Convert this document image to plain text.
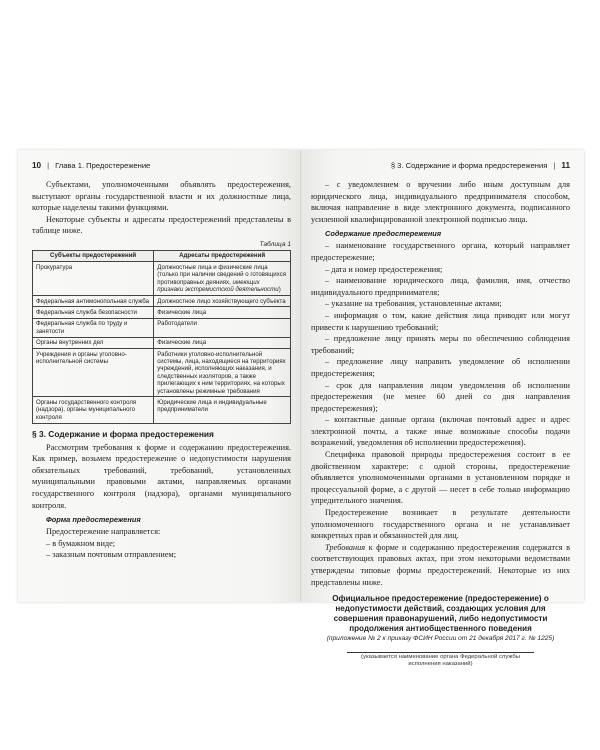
10 | Глава 1. Предостережение

Субъектами, уполномоченными объявлять предостережения, выступают органы государственной власти и их должностные лица, которые наделены такими функциями.

Некоторые субъекты и адресаты предостережений представлены в таблице ниже.

Таблица 1
Субъекты предостережений	Адресаты предостережений
Прокуратура	Должностные лица и физические лица (только при наличии сведений о готовящихся противоправных деяниях, имеющих признаки экстремистской деятельности)
Федеральная антимонопольная служба	Должностное лицо хозяйствующего субъекта
Федеральная служба безопасности	Физические лица
Федеральная служба по труду и занятости	Работодатели
Органы внутренних дел	Физические лица
Учреждения и органы уголовно-исполнительной системы	Работники уголовно-исполнительной системы, лица, находящиеся на территориях учреждений, исполняющих наказания, и следственных изоляторов, а также прилегающих к ним территориях, на которых установлены режимные требования
Органы государственного контроля (надзора), органы муниципального контроля	Юридические лица и индивидуальные предприниматели
§ 3. Содержание и форма предостережения

Рассмотрим требования к форме и содержанию предостережения. Как пример, возьмем предостережение о недопустимости нарушения обязательных требований, требований, установленных муниципальными правовыми актами, направляемых органами государственного контроля (надзора), органами муниципального контроля.

Форма предостережения

Предостережение направляется:

– в бумажном виде;

– заказным почтовым отправлением;

§ 3. Содержание и форма предостережения | 11

– с уведомлением о вручении либо иным доступным для юридического лица, индивидуального предпринимателя способом, включая направление в виде электронного документа, подписанного усиленной квалифицированной электронной подписью лица.

Содержание предостережения

– наименование государственного органа, который направляет предостережение;

– дата и номер предостережения;

– наименование юридического лица, фамилия, имя, отчество индивидуального предпринимателя;

– указание на требования, установленные актами;

– информация о том, какие действия лица приводят или могут привести к нарушению требований;

– предложение лицу принять меры по обеспечению соблюдения требований;

– предложение лицу направить уведомление об исполнении предостережения;

– срок для направления лицом уведомления об исполнении предостережения (не менее 60 дней со дня направления предостережения);

– контактные данные органа (включая почтовый адрес и адрес электронной почты, а также иные возможные способы подачи возражений, уведомления об исполнении предостережения).

Специфика правовой природы предостережения состоит в ее двойственном характере: с одной стороны, предостережение объявляется уполномоченными органами в установленном порядке и процессуальной форме, а с другой — несет в себе только информацию упредительного значения.

Предостережение возникает в результате деятельности уполномоченного государственного органа и не устанавливает конкретных прав и обязанностей для лиц.

Требования к форме и содержанию предостережения содержатся в соответствующих правовых актах, при этом некоторыми ведомствами утверждены типовые формы предостережений. Некоторые из них представлены ниже.

Официальное предостережение (предостережение) о недопустимости действий, создающих условия для совершения правонарушений, либо недопустимости продолжения антиобщественного поведения
(приложение № 2 к приказу ФСИН России от 21 декабря 2017 г. № 1225)
(указывается наименование органа Федеральной службы исполнения наказаний)
